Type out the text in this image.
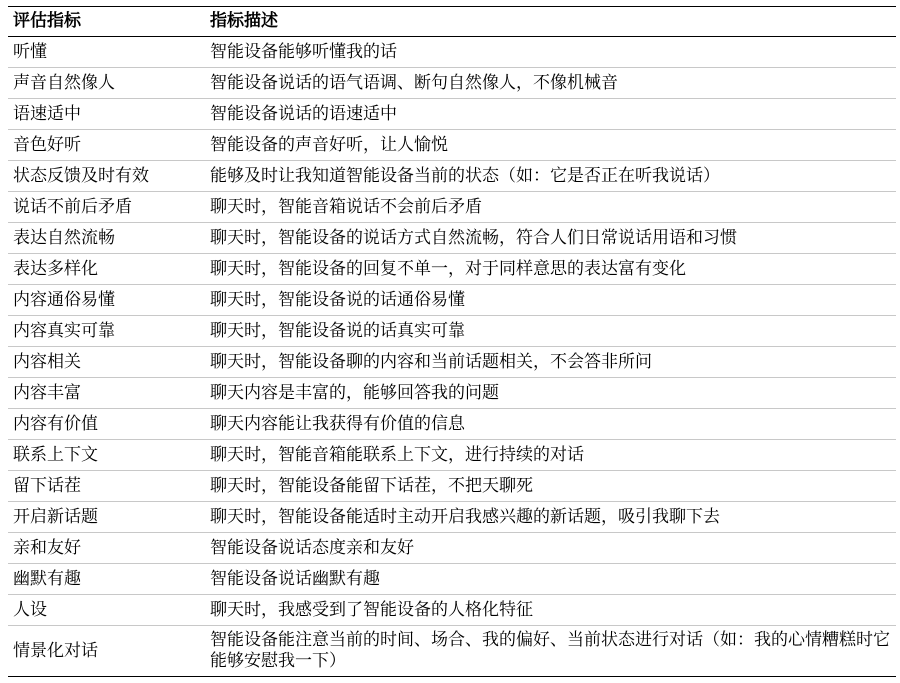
评估指标	指标描述
听懂	智能设备能够听懂我的话
声音自然像人	智能设备说话的语气语调、断句自然像人，不像机械音
语速适中	智能设备说话的语速适中
音色好听	智能设备的声音好听，让人愉悦
状态反馈及时有效	能够及时让我知道智能设备当前的状态（如：它是否正在听我说话）
说话不前后矛盾	聊天时，智能音箱说话不会前后矛盾
表达自然流畅	聊天时，智能设备的说话方式自然流畅，符合人们日常说话用语和习惯
表达多样化	聊天时，智能设备的回复不单一，对于同样意思的表达富有变化
内容通俗易懂	聊天时，智能设备说的话通俗易懂
内容真实可靠	聊天时，智能设备说的话真实可靠
内容相关	聊天时，智能设备聊的内容和当前话题相关，不会答非所问
内容丰富	聊天内容是丰富的，能够回答我的问题
内容有价值	聊天内容能让我获得有价值的信息
联系上下文	聊天时，智能音箱能联系上下文，进行持续的对话
留下话茬	聊天时，智能设备能留下话茬，不把天聊死
开启新话题	聊天时，智能设备能适时主动开启我感兴趣的新话题，吸引我聊下去
亲和友好	智能设备说话态度亲和友好
幽默有趣	智能设备说话幽默有趣
人设	聊天时，我感受到了智能设备的人格化特征
情景化对话	智能设备能注意当前的时间、场合、我的偏好、当前状态进行对话（如：我的心情糟糕时它能够安慰我一下）
